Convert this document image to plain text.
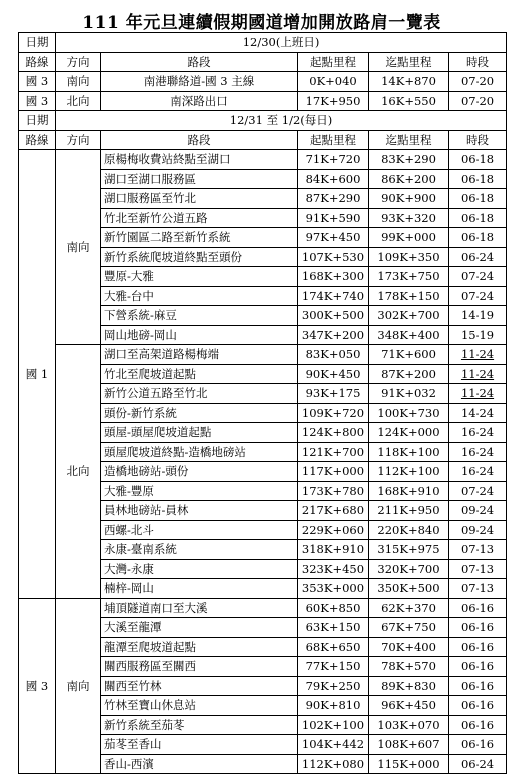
111 年元旦連續假期國道增加開放路肩一覽表
日期	12/30(上班日)				
路線	方向	路段	起點里程	迄點里程	時段
國 3	南向	南港聯絡道-國 3 主線	0K+040	14K+870	07-20
國 3	北向	南深路出口	17K+950	16K+550	07-20
日期	12/31 至 1/2(每日)				
路線	方向	路段	起點里程	迄點里程	時段
國 1	南向	原楊梅收費站終點至湖口	71K+720	83K+290	06-18
		湖口至湖口服務區	84K+600	86K+200	06-18
		湖口服務區至竹北	87K+290	90K+900	06-18
		竹北至新竹公道五路	91K+590	93K+320	06-18
		新竹園區二路至新竹系統	97K+450	99K+000	06-18
		新竹系統爬坡道終點至頭份	107K+530	109K+350	06-24
		豐原-大雅	168K+300	173K+750	07-24
		大雅-台中	174K+740	178K+150	07-24
		下營系統-麻豆	300K+500	302K+700	14-19
		岡山地磅-岡山	347K+200	348K+400	15-19
	北向	湖口至高架道路楊梅端	83K+050	71K+600	11-24
		竹北至爬坡道起點	90K+450	87K+200	11-24
		新竹公道五路至竹北	93K+175	91K+032	11-24
		頭份-新竹系統	109K+720	100K+730	14-24
		頭屋-頭屋爬坡道起點	124K+800	124K+000	16-24
		頭屋爬坡道終點-造橋地磅站	121K+700	118K+100	16-24
		造橋地磅站-頭份	117K+000	112K+100	16-24
		大雅-豐原	173K+780	168K+910	07-24
		員林地磅站-員林	217K+680	211K+950	09-24
		西螺-北斗	229K+060	220K+840	09-24
		永康-臺南系統	318K+910	315K+975	07-13
		大灣-永康	323K+450	320K+700	07-13
		楠梓-岡山	353K+000	350K+500	07-13
國 3	南向	埔頂隧道南口至大溪	60K+850	62K+370	06-16
		大溪至龍潭	63K+150	67K+750	06-16
		龍潭至爬坡道起點	68K+650	70K+400	06-16
		關西服務區至關西	77K+150	78K+570	06-16
		關西至竹林	79K+250	89K+830	06-16
		竹林至寶山休息站	90K+810	96K+450	06-16
		新竹系統至茄苳	102K+100	103K+070	06-16
		茄苳至香山	104K+442	108K+607	06-16
		香山-西濱	112K+080	115K+000	06-24
